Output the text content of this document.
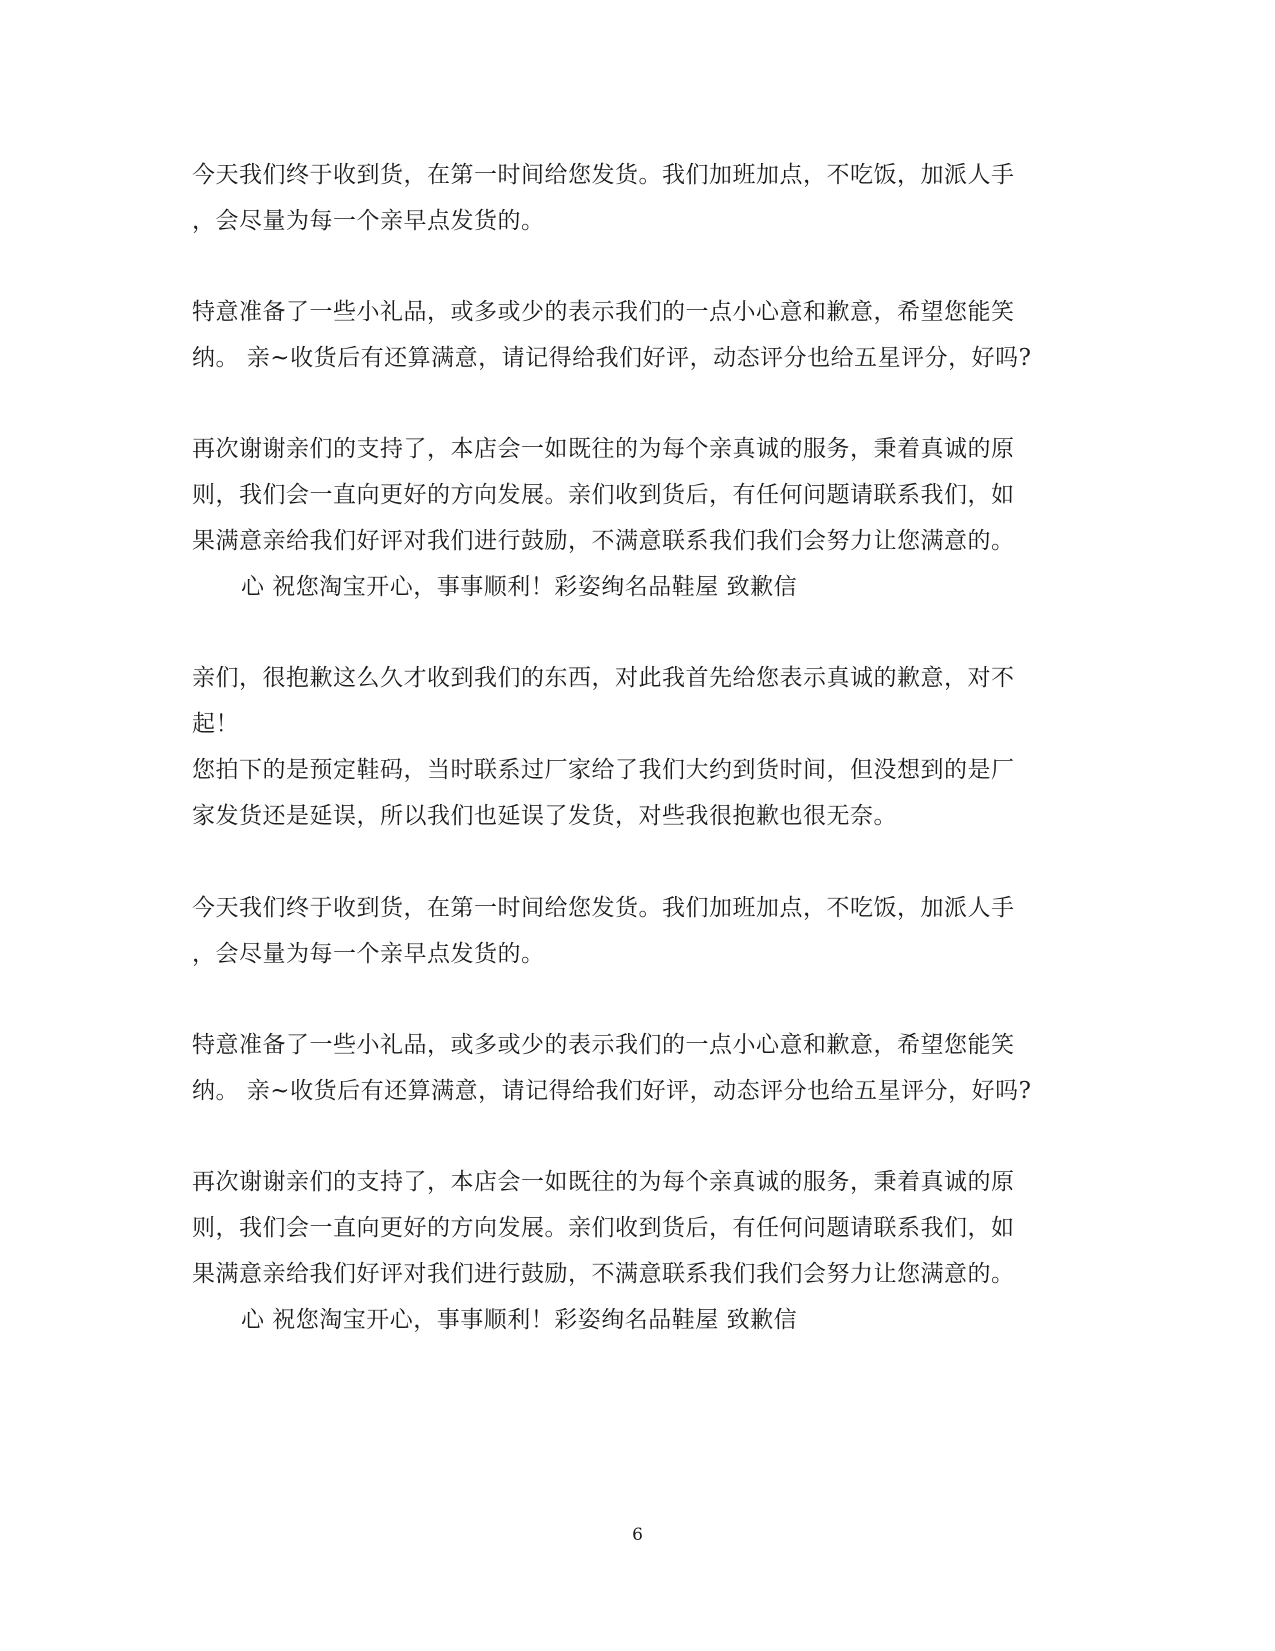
今天我们终于收到货，在第一时间给您发货。我们加班加点，不吃饭，加派人手
，会尽量为每一个亲早点发货的。
特意准备了一些小礼品，或多或少的表示我们的一点小心意和歉意，希望您能笑
纳。 亲~收货后有还算满意，请记得给我们好评，动态评分也给五星评分，好吗?
再次谢谢亲们的支持了，本店会一如既往的为每个亲真诚的服务，秉着真诚的原
则，我们会一直向更好的方向发展。亲们收到货后，有任何问题请联系我们，如
果满意亲给我们好评对我们进行鼓励，不满意联系我们我们会努力让您满意的。
心 祝您淘宝开心，事事顺利！彩姿绚名品鞋屋 致歉信
亲们，很抱歉这么久才收到我们的东西，对此我首先给您表示真诚的歉意，对不
起！
您拍下的是预定鞋码，当时联系过厂家给了我们大约到货时间，但没想到的是厂
家发货还是延误，所以我们也延误了发货，对些我很抱歉也很无奈。
今天我们终于收到货，在第一时间给您发货。我们加班加点，不吃饭，加派人手
，会尽量为每一个亲早点发货的。
特意准备了一些小礼品，或多或少的表示我们的一点小心意和歉意，希望您能笑
纳。 亲~收货后有还算满意，请记得给我们好评，动态评分也给五星评分，好吗?
再次谢谢亲们的支持了，本店会一如既往的为每个亲真诚的服务，秉着真诚的原
则，我们会一直向更好的方向发展。亲们收到货后，有任何问题请联系我们，如
果满意亲给我们好评对我们进行鼓励，不满意联系我们我们会努力让您满意的。
心 祝您淘宝开心，事事顺利！彩姿绚名品鞋屋 致歉信
6
